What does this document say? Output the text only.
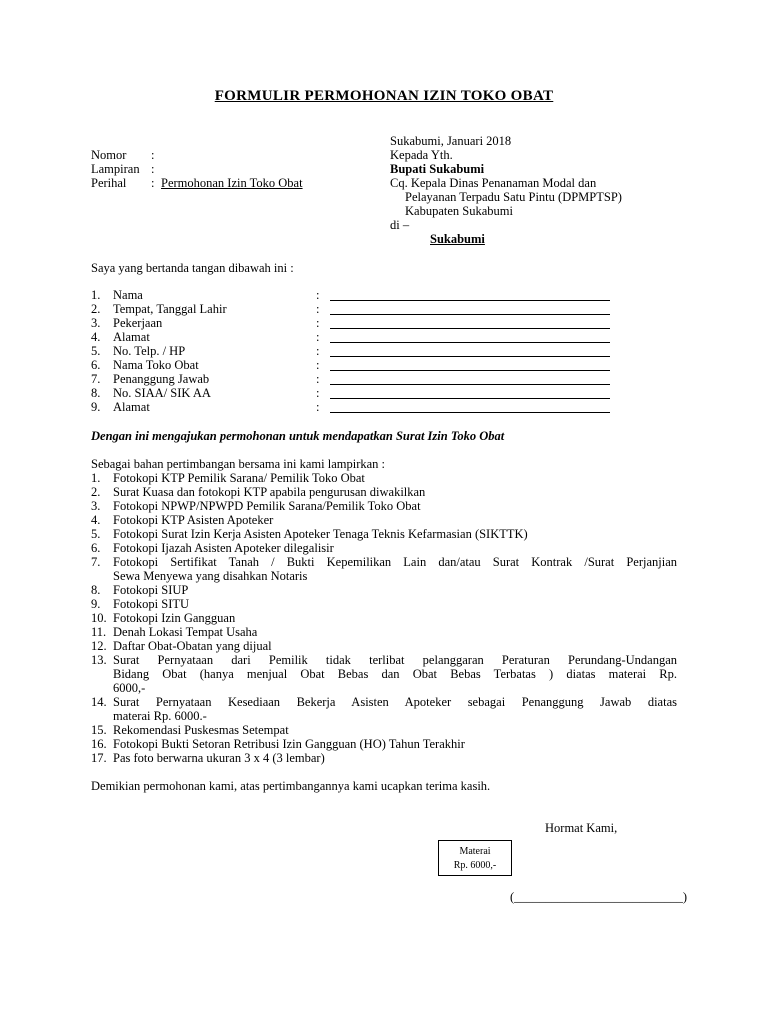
FORMULIR PERMOHONAN IZIN TOKO OBAT
Sukabumi, Januari 2018
Kepada Yth.
Bupati Sukabumi
Cq. Kepala Dinas Penanaman Modal dan
Pelayanan Terpadu Satu Pintu (DPMPTSP)
Kabupaten Sukabumi
di –
Sukabumi
Nomor :
Lampiran :
Perihal : Permohonan Izin Toko Obat
Saya yang bertanda tangan dibawah ini :
1. Nama	:
2. Tempat, Tanggal Lahir	:
3. Pekerjaan	:
4. Alamat	:
5. No. Telp. / HP	:
6. Nama Toko Obat	:
7. Penanggung Jawab	:
8. No. SIAA/ SIK AA	:
9. Alamat	:
Dengan ini mengajukan permohonan untuk mendapatkan Surat Izin Toko Obat
Sebagai bahan pertimbangan bersama ini kami lampirkan :
1. Fotokopi KTP Pemilik Sarana/ Pemilik Toko Obat
2. Surat Kuasa dan fotokopi KTP apabila pengurusan diwakilkan
3. Fotokopi NPWP/NPWPD Pemilik Sarana/Pemilik Toko Obat
4. Fotokopi KTP Asisten Apoteker
5. Fotokopi Surat Izin Kerja Asisten Apoteker Tenaga Teknis Kefarmasian (SIKTTK)
6. Fotokopi Ijazah Asisten Apoteker dilegalisir
7. Fotokopi Sertifikat Tanah / Bukti Kepemilikan Lain dan/atau Surat Kontrak /Surat Perjanjian
Sewa Menyewa yang disahkan Notaris
8. Fotokopi SIUP
9. Fotokopi SITU
10. Fotokopi Izin Gangguan
11. Denah Lokasi Tempat Usaha
12. Daftar Obat-Obatan yang dijual
13. Surat Pernyataan dari Pemilik tidak terlibat pelanggaran Peraturan Perundang-Undangan
Bidang Obat (hanya menjual Obat Bebas dan Obat Bebas Terbatas ) diatas materai Rp.
6000,-
14. Surat Pernyataan Kesediaan Bekerja Asisten Apoteker sebagai Penanggung Jawab diatas
materai Rp. 6000.-
15. Rekomendasi Puskesmas Setempat
16. Fotokopi Bukti Setoran Retribusi Izin Gangguan (HO) Tahun Terakhir
17. Pas foto berwarna ukuran 3 x 4 (3 lembar)
Demikian permohonan kami, atas pertimbangannya kami ucapkan terima kasih.
Hormat Kami,
Materai
Rp. 6000,-
(___________________________)
